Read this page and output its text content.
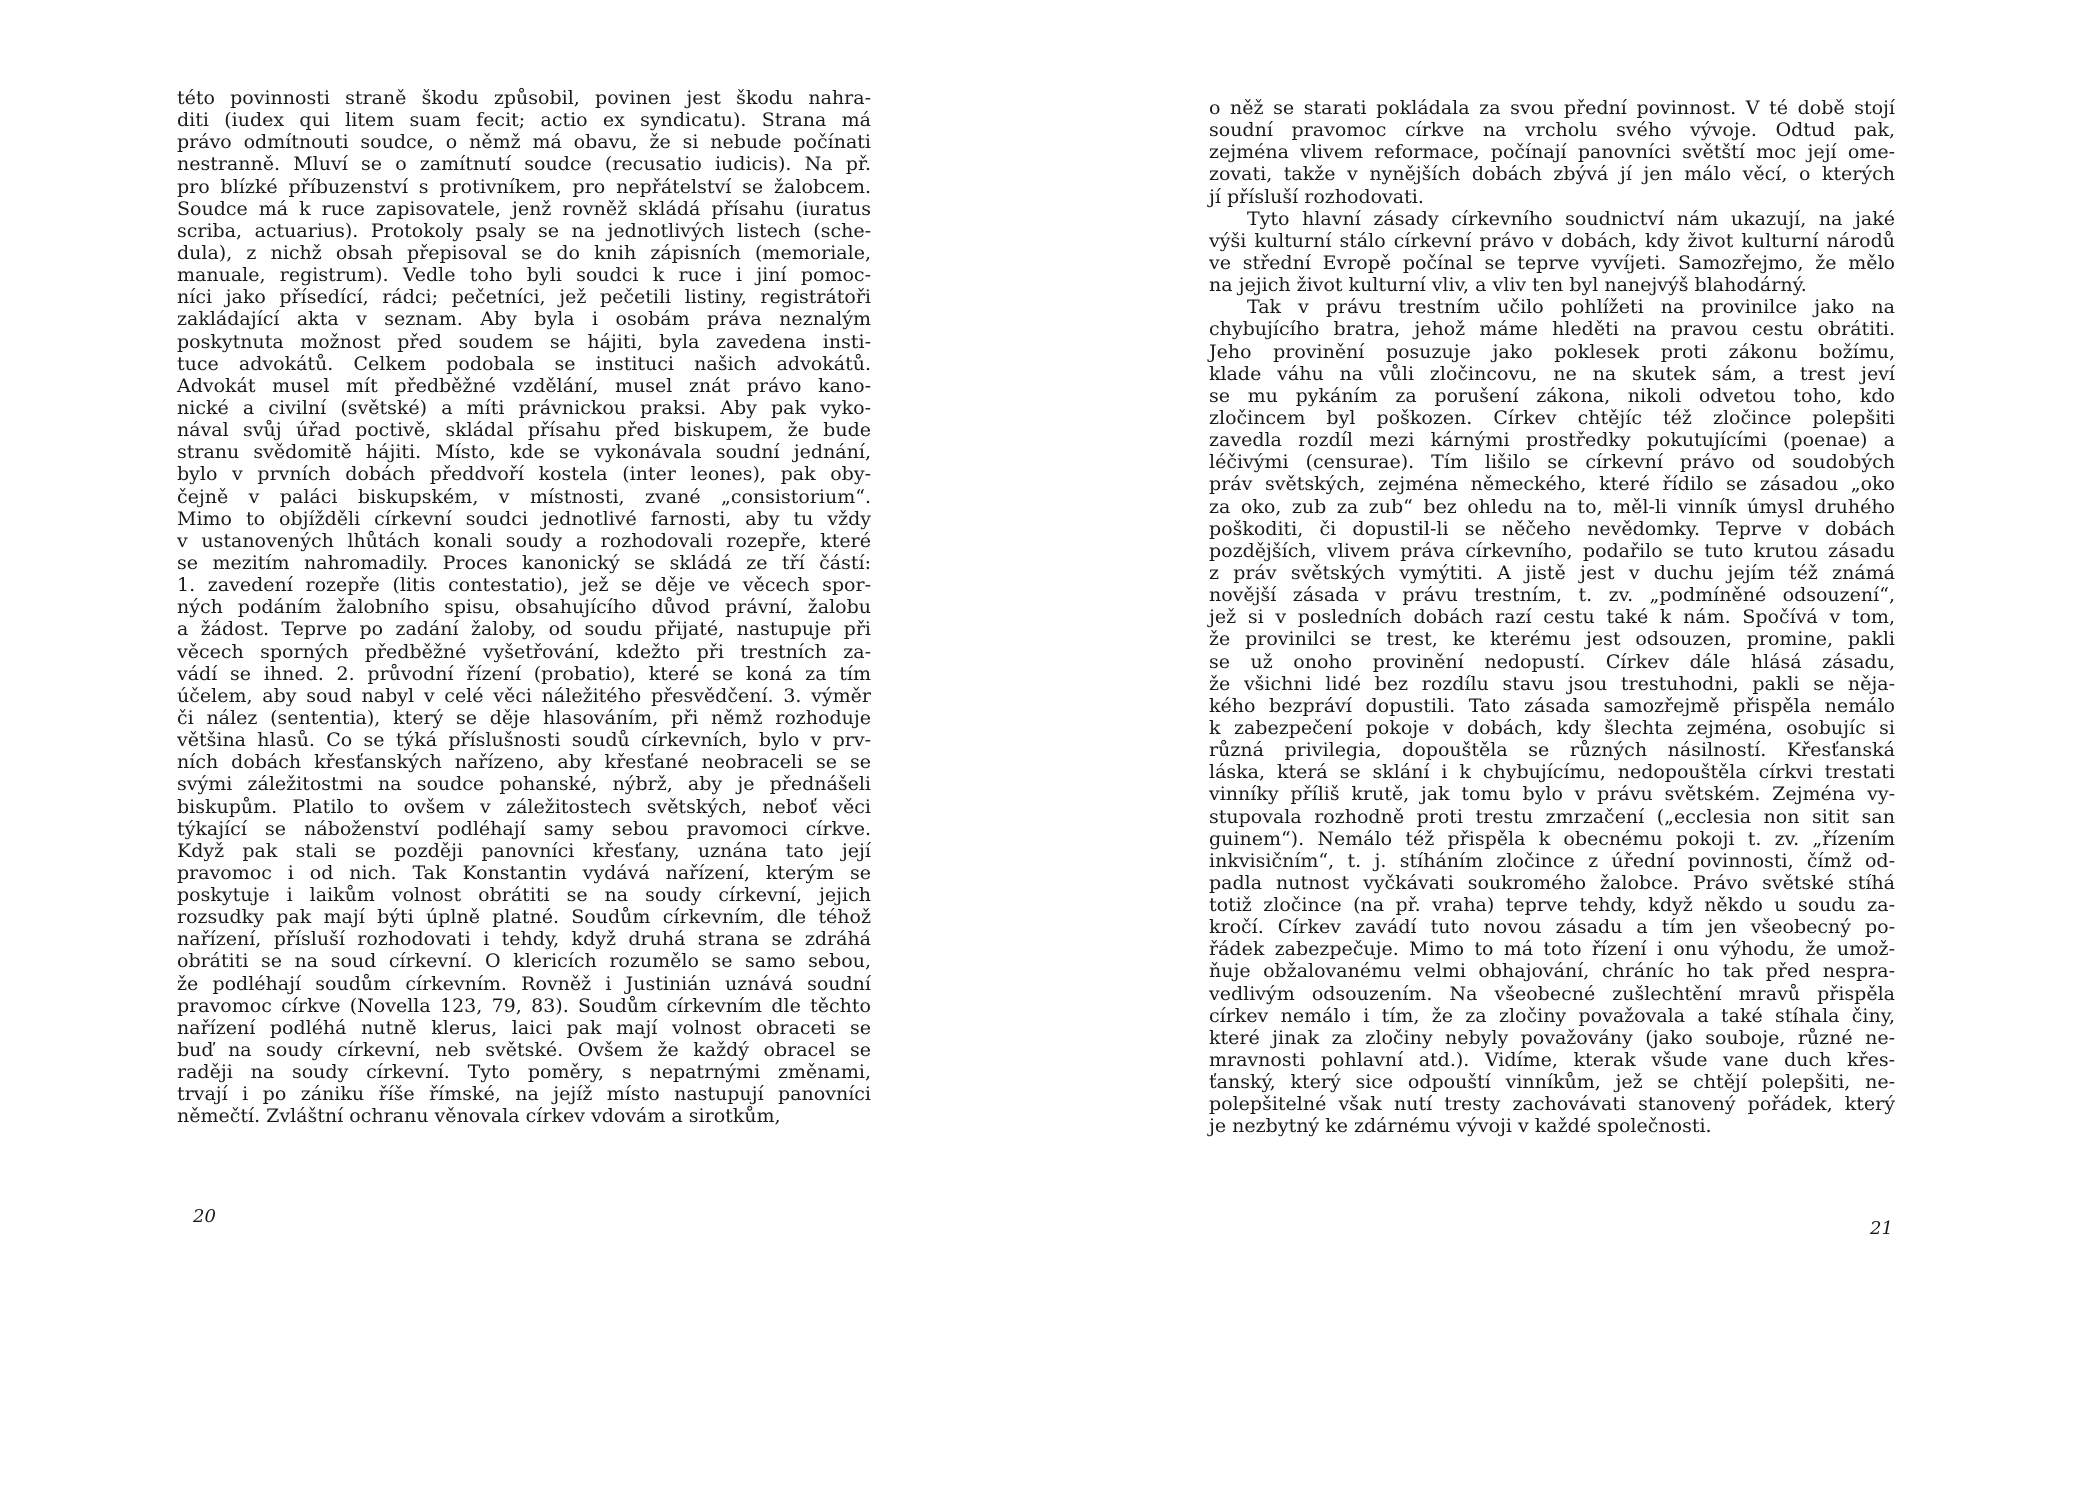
této povinnosti straně škodu způsobil, povinen jest škodu nahra-
diti (iudex qui litem suam fecit; actio ex syndicatu). Strana má
právo odmítnouti soudce, o němž má obavu, že si nebude počínati
nestranně. Mluví se o zamítnutí soudce (recusatio iudicis). Na př.
pro blízké příbuzenství s protivníkem, pro nepřátelství se žalobcem.
Soudce má k ruce zapisovatele, jenž rovněž skládá přísahu (iuratus
scriba, actuarius). Protokoly psaly se na jednotlivých listech (sche-
dula), z nichž obsah přepisoval se do knih zápisních (memoriale,
manuale, registrum). Vedle toho byli soudci k ruce i jiní pomoc-
níci jako přísedící, rádci; pečetníci, jež pečetili listiny, registrátoři
zakládající akta v seznam. Aby byla i osobám práva neznalým
poskytnuta možnost před soudem se hájiti, byla zavedena insti-
tuce advokátů. Celkem podobala se instituci našich advokátů.
Advokát musel mít předběžné vzdělání, musel znát právo kano-
nické a civilní (světské) a míti právnickou praksi. Aby pak vyko-
nával svůj úřad poctivě, skládal přísahu před biskupem, že bude
stranu svědomitě hájiti. Místo, kde se vykonávala soudní jednání,
bylo v prvních dobách předdvoří kostela (inter leones), pak oby-
čejně v paláci biskupském, v místnosti, zvané „consistorium“.
Mimo to objížděli církevní soudci jednotlivé farnosti, aby tu vždy
v ustanovených lhůtách konali soudy a rozhodovali rozepře, které
se mezitím nahromadily. Proces kanonický se skládá ze tří částí:
1. zavedení rozepře (litis contestatio), jež se děje ve věcech spor-
ných podáním žalobního spisu, obsahujícího důvod právní, žalobu
a žádost. Teprve po zadání žaloby, od soudu přijaté, nastupuje při
věcech sporných předběžné vyšetřování, kdežto při trestních za-
vádí se ihned. 2. průvodní řízení (probatio), které se koná za tím
účelem, aby soud nabyl v celé věci náležitého přesvědčení. 3. výměr
či nález (sententia), který se děje hlasováním, při němž rozhoduje
většina hlasů. Co se týká příslušnosti soudů církevních, bylo v prv-
ních dobách křesťanských nařízeno, aby křesťané neobraceli se se
svými záležitostmi na soudce pohanské, nýbrž, aby je přednášeli
biskupům. Platilo to ovšem v záležitostech světských, neboť věci
týkající se náboženství podléhají samy sebou pravomoci církve.
Když pak stali se později panovníci křesťany, uznána tato její
pravomoc i od nich. Tak Konstantin vydává nařízení, kterým se
poskytuje i laikům volnost obrátiti se na soudy církevní, jejich
rozsudky pak mají býti úplně platné. Soudům církevním, dle téhož
nařízení, přísluší rozhodovati i tehdy, když druhá strana se zdráhá
obrátiti se na soud církevní. O klericích rozumělo se samo sebou,
že podléhají soudům církevním. Rovněž i Justinián uznává soudní
pravomoc církve (Novella 123, 79, 83). Soudům církevním dle těchto
nařízení podléhá nutně klerus, laici pak mají volnost obraceti se
buď na soudy církevní, neb světské. Ovšem že každý obracel se
raději na soudy církevní. Tyto poměry, s nepatrnými změnami,
trvají i po zániku říše římské, na jejíž místo nastupují panovníci
němečtí. Zvláštní ochranu věnovala církev vdovám a sirotkům,
20
o něž se starati pokládala za svou přední povinnost. V té době stojí
soudní pravomoc církve na vrcholu svého vývoje. Odtud pak,
zejména vlivem reformace, počínají panovníci světští moc její ome-
zovati, takže v nynějších dobách zbývá jí jen málo věcí, o kterých
jí přísluší rozhodovati.
Tyto hlavní zásady církevního soudnictví nám ukazují, na jaké
výši kulturní stálo církevní právo v dobách, kdy život kulturní národů
ve střední Evropě počínal se teprve vyvíjeti. Samozřejmo, že mělo
na jejich život kulturní vliv, a vliv ten byl nanejvýš blahodárný.
Tak v právu trestním učilo pohlížeti na provinilce jako na
chybujícího bratra, jehož máme hleděti na pravou cestu obrátiti.
Jeho provinění posuzuje jako poklesek proti zákonu božímu,
klade váhu na vůli zločincovu, ne na skutek sám, a trest jeví
se mu pykáním za porušení zákona, nikoli odvetou toho, kdo
zločincem byl poškozen. Církev chtějíc též zločince polepšiti
zavedla rozdíl mezi kárnými prostředky pokutujícími (poenae) a
léčivými (censurae). Tím lišilo se církevní právo od soudobých
práv světských, zejména německého, které řídilo se zásadou „oko
za oko, zub za zub“ bez ohledu na to, měl-li vinník úmysl druhého
poškoditi, či dopustil-li se něčeho nevědomky. Teprve v dobách
pozdějších, vlivem práva církevního, podařilo se tuto krutou zásadu
z práv světských vymýtiti. A jistě jest v duchu jejím též známá
novější zásada v právu trestním, t. zv. „podmíněné odsouzení“,
jež si v posledních dobách razí cestu také k nám. Spočívá v tom,
že provinilci se trest, ke kterému jest odsouzen, promine, pakli
se už onoho provinění nedopustí. Církev dále hlásá zásadu,
že všichni lidé bez rozdílu stavu jsou trestuhodni, pakli se něja-
kého bezpráví dopustili. Tato zásada samozřejmě přispěla nemálo
k zabezpečení pokoje v dobách, kdy šlechta zejména, osobujíc si
různá privilegia, dopouštěla se různých násilností. Křesťanská
láska, která se sklání i k chybujícímu, nedopouštěla církvi trestati
vinníky příliš krutě, jak tomu bylo v právu světském. Zejména vy-
stupovala rozhodně proti trestu zmrzačení („ecclesia non sitit san
guinem“). Nemálo též přispěla k obecnému pokoji t. zv. „řízením
inkvisičním“, t. j. stíháním zločince z úřední povinnosti, čímž od-
padla nutnost vyčkávati soukromého žalobce. Právo světské stíhá
totiž zločince (na př. vraha) teprve tehdy, když někdo u soudu za-
kročí. Církev zavádí tuto novou zásadu a tím jen všeobecný po-
řádek zabezpečuje. Mimo to má toto řízení i onu výhodu, že umož-
ňuje obžalovanému velmi obhajování, chráníc ho tak před nespra-
vedlivým odsouzením. Na všeobecné zušlechtění mravů přispěla
církev nemálo i tím, že za zločiny považovala a také stíhala činy,
které jinak za zločiny nebyly považovány (jako souboje, různé ne-
mravnosti pohlavní atd.). Vidíme, kterak všude vane duch křes-
ťanský, který sice odpouští vinníkům, jež se chtějí polepšiti, ne-
polepšitelné však nutí tresty zachovávati stanovený pořádek, který
je nezbytný ke zdárnému vývoji v každé společnosti.
21
